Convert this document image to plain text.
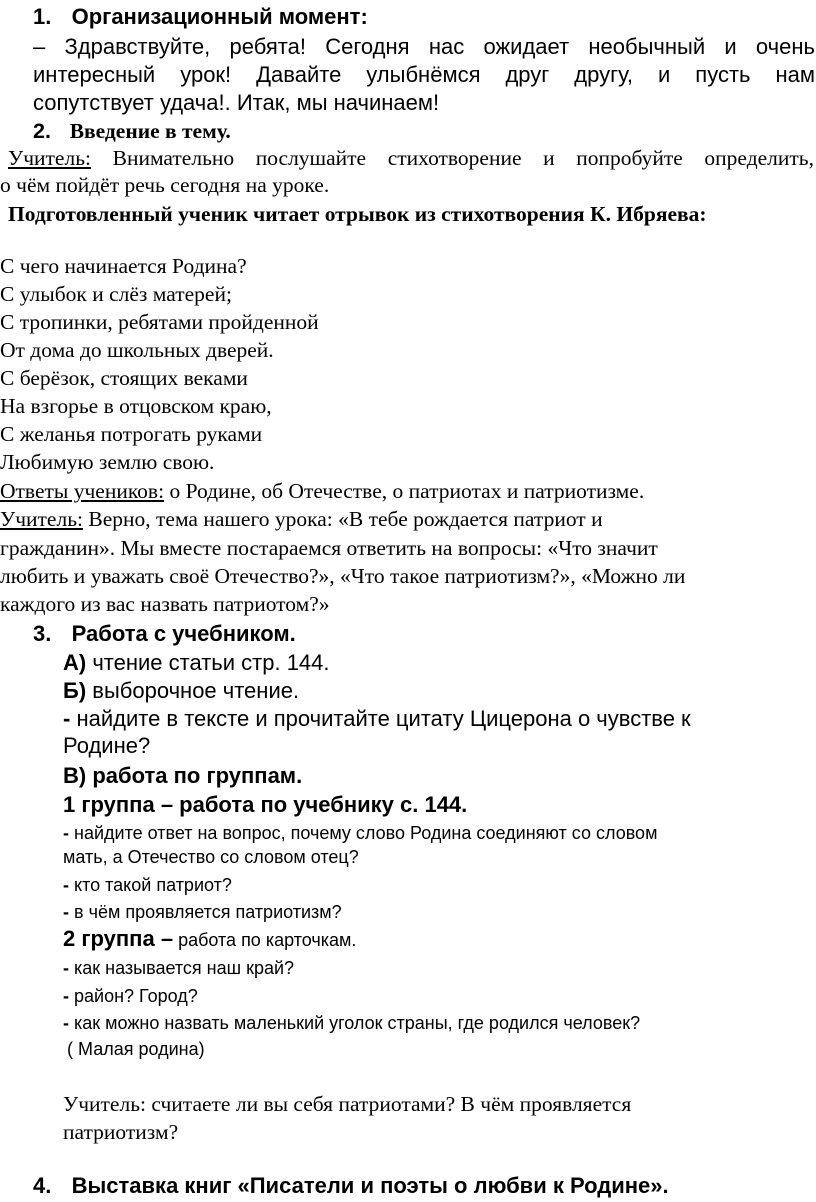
1. Организационный момент:
– Здравствуйте, ребята! Сегодня нас ожидает необычный и очень
интересный урок! Давайте улыбнёмся друг другу, и пусть нам
сопутствует удача!. Итак, мы начинаем!
2. Введение в тему.
Учитель: Внимательно послушайте стихотворение и попробуйте определить,
о чём пойдёт речь сегодня на уроке.
Подготовленный ученик читает отрывок из стихотворения К. Ибряева:
С чего начинается Родина?
С улыбок и слёз матерей;
С тропинки, ребятами пройденной
От дома до школьных дверей.
С берёзок, стоящих веками
На взгорье в отцовском краю,
С желанья потрогать руками
Любимую землю свою.
Ответы учеников: о Родине, об Отечестве, о патриотах и патриотизме.
Учитель: Верно, тема нашего урока: «В тебе рождается патриот и
гражданин». Мы вместе постараемся ответить на вопросы: «Что значит
любить и уважать своё Отечество?», «Что такое патриотизм?», «Можно ли
каждого из вас назвать патриотом?»
3. Работа с учебником.
А) чтение статьи стр. 144.
Б) выборочное чтение.
- найдите в тексте и прочитайте цитату Цицерона о чувстве к
Родине?
В) работа по группам.
1 группа – работа по учебнику с. 144.
- найдите ответ на вопрос, почему слово Родина соединяют со словом
мать, а Отечество со словом отец?
- кто такой патриот?
- в чём проявляется патриотизм?
2 группа – работа по карточкам.
- как называется наш край?
- район? Город?
- как можно назвать маленький уголок страны, где родился человек?
( Малая родина)
Учитель: считаете ли вы себя патриотами? В чём проявляется
патриотизм?
4. Выставка книг «Писатели и поэты о любви к Родине».
